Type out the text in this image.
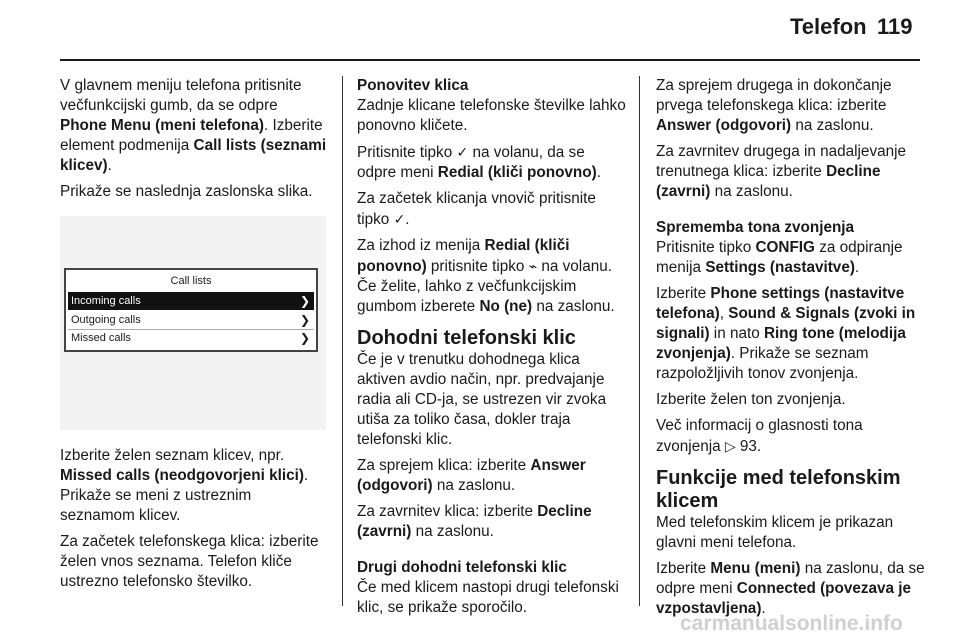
Telefon 119

V glavnem meniju telefona pritisnite večfunkcijski gumb, da se odpre Phone Menu (meni telefona). Izberite element podmenija Call lists (seznami klicev).

Prikaže se naslednja zaslonska slika.

Call lists
Incoming calls	❯
Outgoing calls	❯
Missed calls	❯

Izberite želen seznam klicev, npr. Missed calls (neodgovorjeni klici). Prikaže se meni z ustreznim seznamom klicev.

Za začetek telefonskega klica: izberite želen vnos seznama. Telefon kliče ustrezno telefonsko številko.

Ponovitev klica

Zadnje klicane telefonske številke lahko ponovno kličete.

Pritisnite tipko ✓ na volanu, da se odpre meni Redial (kliči ponovno).

Za začetek klicanja vnovič pritisnite tipko ✓.

Za izhod iz menija Redial (kliči ponovno) pritisnite tipko ⌁ na volanu. Če želite, lahko z večfunkcijskim gumbom izberete No (ne) na zaslonu.

Dohodni telefonski klic

Če je v trenutku dohodnega klica aktiven avdio način, npr. predvajanje radia ali CD-ja, se ustrezen vir zvoka utiša za toliko časa, dokler traja telefonski klic.

Za sprejem klica: izberite Answer (odgovori) na zaslonu.

Za zavrnitev klica: izberite Decline (zavrni) na zaslonu.

Drugi dohodni telefonski klic

Če med klicem nastopi drugi telefonski klic, se prikaže sporočilo.

Za sprejem drugega in dokončanje prvega telefonskega klica: izberite Answer (odgovori) na zaslonu.

Za zavrnitev drugega in nadaljevanje trenutnega klica: izberite Decline (zavrni) na zaslonu.

Sprememba tona zvonjenja

Pritisnite tipko CONFIG za odpiranje menija Settings (nastavitve).

Izberite Phone settings (nastavitve telefona), Sound & Signals (zvoki in signali) in nato Ring tone (melodija zvonjenja). Prikaže se seznam razpoložljivih tonov zvonjenja.

Izberite želen ton zvonjenja.

Več informacij o glasnosti tona zvonjenja ▷ 93.

Funkcije med telefonskim klicem

Med telefonskim klicem je prikazan glavni meni telefona.

Izberite Menu (meni) na zaslonu, da se odpre meni Connected (povezava je vzpostavljena).

carmanualsonline.info
